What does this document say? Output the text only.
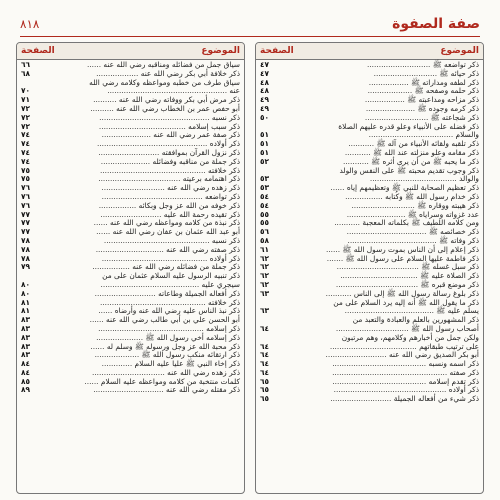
٨١٨	صفة الصفوة
الموضوع
الصفحة
سياق جمل من فضائله ومناقبه رضي الله عنه ......
٦٦
ذكر خلافة أبي بكر رضي الله عنه ..................
٦٨
سياق طرف من خطبه ومواعظه وكلامه رضي الله
عنه ...................................................
٧٠
ذكر مرض أبي بكر ووفاته رضي الله عنه ..........
٧١
أبو حفص عمر بن الخطاب رضي الله عنه ..........
٧٢
ذكر نسبه ...............................................
٧٢
ذكر سبب إسلامه .....................................
٧٢
ذكر صفة عمر رضي الله عنه .....................
٧٤
ذكر أولاده ...............................................
٧٤
ذكر نزول القرآن بموافقته ..........................
٧٤
ذكر جملة من مناقبه وفضائله .....................
٧٤
ذكر خلافته .............................................
٧٥
ذكر اهتمامه برعيته ...................................
٧٥
ذكر زهده رضي الله عنه ...........................
٧٦
ذكر تواضعه ...........................................
٧٦
ذكر خوفه من الله عز وجل وبكائه ................
٧٦
ذكر تقيده رحمة الله عليه ..........................
٧٧
ذكر نبذة من كلامه ومواعظه رضي الله عنه ......
٧٧
أبو عبد الله عثمان بن عفان رضي الله عنه ......
٧٧
ذكر نسبه .............................................
٧٨
ذكر صفته رضي الله عنه .............................
٧٨
ذكر أولاده .............................................
٧٨
ذكر جملة من فضائله رضي الله عنه ................
٧٩
ذكر تنبيه الرسول عليه السلام عثمان على من
سيجري عليه ..........................................
٨٠
ذكر أفعاله الجميلة وطاعاته ..........................
٨٠
ذكر خلافته .............................................
٨١
ذكر نبذ الناس عليه رضي الله عنه وأرضاه ......
٨١
أبو الحسن علي بن أبي طالب رضي الله عنه ......
٨٣
ذكر إسلامه .............................................
٨٣
ذكر إسلامه أخي رسول الله ﷺ ....................
٨٣
ذكر محبة الله عز وجل ورسوله ﷺ وسلم له ......
٨٣
ذكر ارتقائه منكب رسول الله ﷺ ...................
٨٣
ذكر إخاء النبي ﷺ عليا عليه السلام .............
٨٤
ذكر زهده رضي الله عنه ...............................
٨٤
كلمات منتخبة من كلامه ومواعظه عليه السلام ......
٨٥
ذكر مقتله رضي الله عنه ..............................
٨٩
الموضوع
الصفحة
ذكر تواضعه ﷺ ...........................
٤٧
ذكر حيائه ﷺ ...........................
٤٧
ذكر لطفه ومداراته ﷺ .................
٤٨
ذكر حلمه وصفحه ﷺ ...................
٤٨
ذكر مزاحه ومداعبته ﷺ .................
٤٩
ذكر كرمه وجوده ﷺ .....................
٤٩
ذكر شجاعته ﷺ ...........................
٥٠
ذكر فضله على الأنبياء وعلو قدره عليهم الصلاة
والسلام ....................................
٥١
ذكر تلقبه ولقائه الأنبياء من آله ﷺ ...........
٥١
ذكر مقامه وعلو منزلته عند الله ﷺ ...........
٥١
ذكر ما يحبه ﷺ من أن يرى أثره ﷺ ...........
٥٢
ذكر وجوب تقديم محبته ﷺ على النفس والولد
والوالد .....................................
٥٣
ذكر تعظيم الصحابة للنبي ﷺ وتعظيمهم إياه ......
٥٣
ذكر خدام رسول الله ﷺ وكُتابه ................
٥٤
ذكر هيبته ووقاره ﷺ ...........................
٥٤
عدد غزواته وسراياه ﷺ .........................
٥٥
ومن كلامه اللطيف ﷺ بكلماته المعجبة ...........
٥٥
ذكر خصائصه ﷺ ..................................
٥٦
ذكر وفاته ﷺ ......................................
٥٨
ذكر إعلام إلى أن الناس بموت رسول الله ﷺ ......
٦١
ذكر فاطمة عليها السلام على رسول الله ﷺ .......
٦٢
ذكر سبل غسله ﷺ ...................................
٦٢
ذكر الصلاة عليه ﷺ .................................
٦٢
ذكر موضع قبره ﷺ ...................................
٦٢
ذكر بلوغ رسالة رسول الله ﷺ إلى الناس ...........
٦٣
ذكر ما يقول الله ﷺ أنه إليه يرد السلام على من
يسلم عليه ﷺ ......................................
٦٣
ذكر المشهورين بالعلم والعبادة والتعبد من
أصحاب رسول الله ﷺ ...............................
٦٤
ولكن جمل من أخبارهم وكلامهم، وهم مرتبون
على ترتيب طبقاتهم .....................................
٦٤
أبو بكر الصديق رضي الله عنه ..........................
٦٤
ذكر اسمه ونسبه ........................................
٦٤
ذكر صفته .................................................
٦٤
ذكر تقدم إسلامه ........................................
٦٥
ذكر أولاده ................................................
٦٥
ذكر شيء من أفعاله الجميلة ..........................
٦٥
